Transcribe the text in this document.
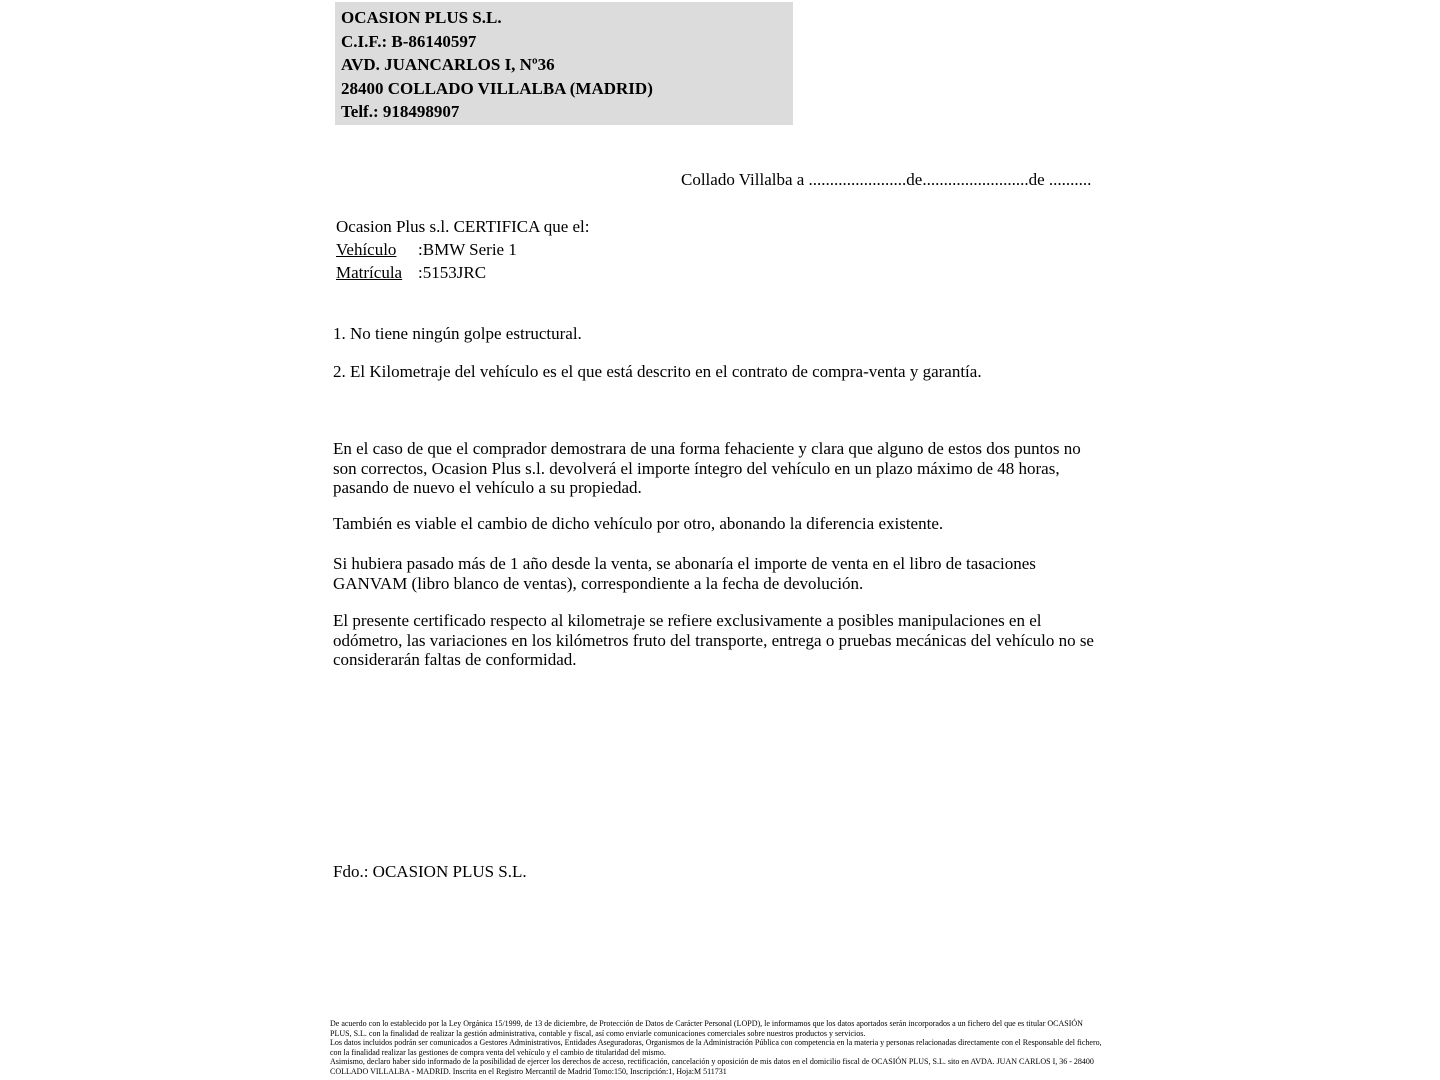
OCASION PLUS S.L.
C.I.F.: B-86140597
AVD. JUANCARLOS I, Nº36
28400 COLLADO VILLALBA (MADRID)
Telf.: 918498907
Collado Villalba a .......................de.........................de ..........
Ocasion Plus s.l. CERTIFICA que el:
Vehículo	: BMW Serie 1
Matrícula : 5153JRC

1. No tiene ningún golpe estructural.

2. El Kilometraje del vehículo es el que está descrito en el contrato de compra-venta y garantía.

En el caso de que el comprador demostrara de una forma fehaciente y clara que alguno de estos dos puntos no son correctos, Ocasion Plus s.l. devolverá el importe íntegro del vehículo en un plazo máximo de 48 horas, pasando de nuevo el vehículo a su propiedad.

También es viable el cambio de dicho vehículo por otro, abonando la diferencia existente.

Si hubiera pasado más de 1 año desde la venta, se abonaría el importe de venta en el libro de tasaciones GANVAM (libro blanco de ventas), correspondiente a la fecha de devolución.

El presente certificado respecto al kilometraje se refiere exclusivamente a posibles manipulaciones en el odómetro, las variaciones en los kilómetros fruto del transporte, entrega o pruebas mecánicas del vehículo no se considerarán faltas de conformidad.

Fdo.: OCASION PLUS S.L.

De acuerdo con lo establecido por la Ley Orgánica 15/1999, de 13 de diciembre, de Protección de Datos de Carácter Personal (LOPD), le informamos que los datos aportados serán incorporados a un fichero del que es titular OCASIÓN PLUS, S.L. con la finalidad de realizar la gestión administrativa, contable y fiscal, así como enviarle comunicaciones comerciales sobre nuestros productos y servicios.

Los datos incluidos podrán ser comunicados a Gestores Administrativos, Entidades Aseguradoras, Organismos de la Administración Pública con competencia en la materia y personas relacionadas directamente con el Responsable del fichero, con la finalidad realizar las gestiones de compra venta del vehículo y el cambio de titularidad del mismo.

Asimismo, declaro haber sido informado de la posibilidad de ejercer los derechos de acceso, rectificación, cancelación y oposición de mis datos en el domicilio fiscal de OCASIÓN PLUS, S.L. sito en AVDA. JUAN CARLOS I, 36 - 28400 COLLADO VILLALBA - MADRID. Inscrita en el Registro Mercantil de Madrid Tomo:150, Inscripción:1, Hoja:M 511731
